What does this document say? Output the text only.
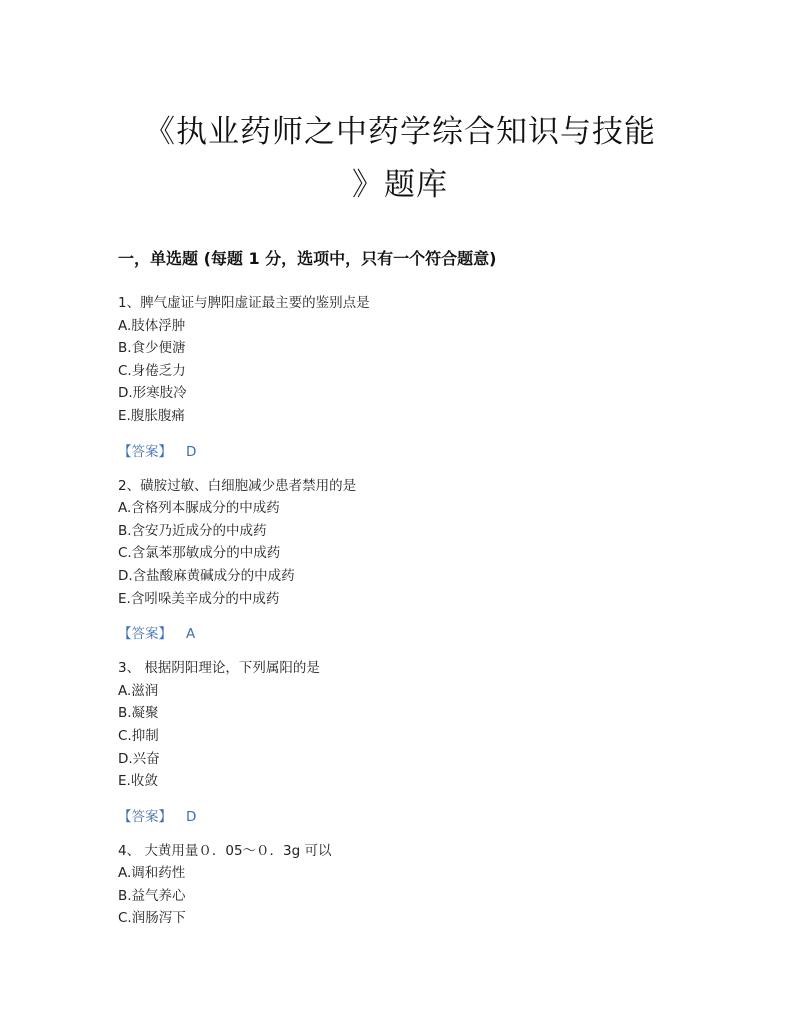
《执业药师之中药学综合知识与技能
》题库
一，单选题 (每题 1 分，选项中，只有一个符合题意)
1、脾气虚证与脾阳虚证最主要的鉴别点是
A.肢体浮肿
B.食少便溏
C.身倦乏力
D.形寒肢冷
E.腹胀腹痛
【答案】 D
2、磺胺过敏、白细胞减少患者禁用的是
A.含格列本脲成分的中成药
B.含安乃近成分的中成药
C.含氯苯那敏成分的中成药
D.含盐酸麻黄碱成分的中成药
E.含吲哚美辛成分的中成药
【答案】 A
3、 根据阴阳理论，下列属阳的是
A.滋润
B.凝聚
C.抑制
D.兴奋
E.收敛
【答案】 D
4、 大黄用量０．05～０．3g 可以
A.调和药性
B.益气养心
C.润肠泻下
